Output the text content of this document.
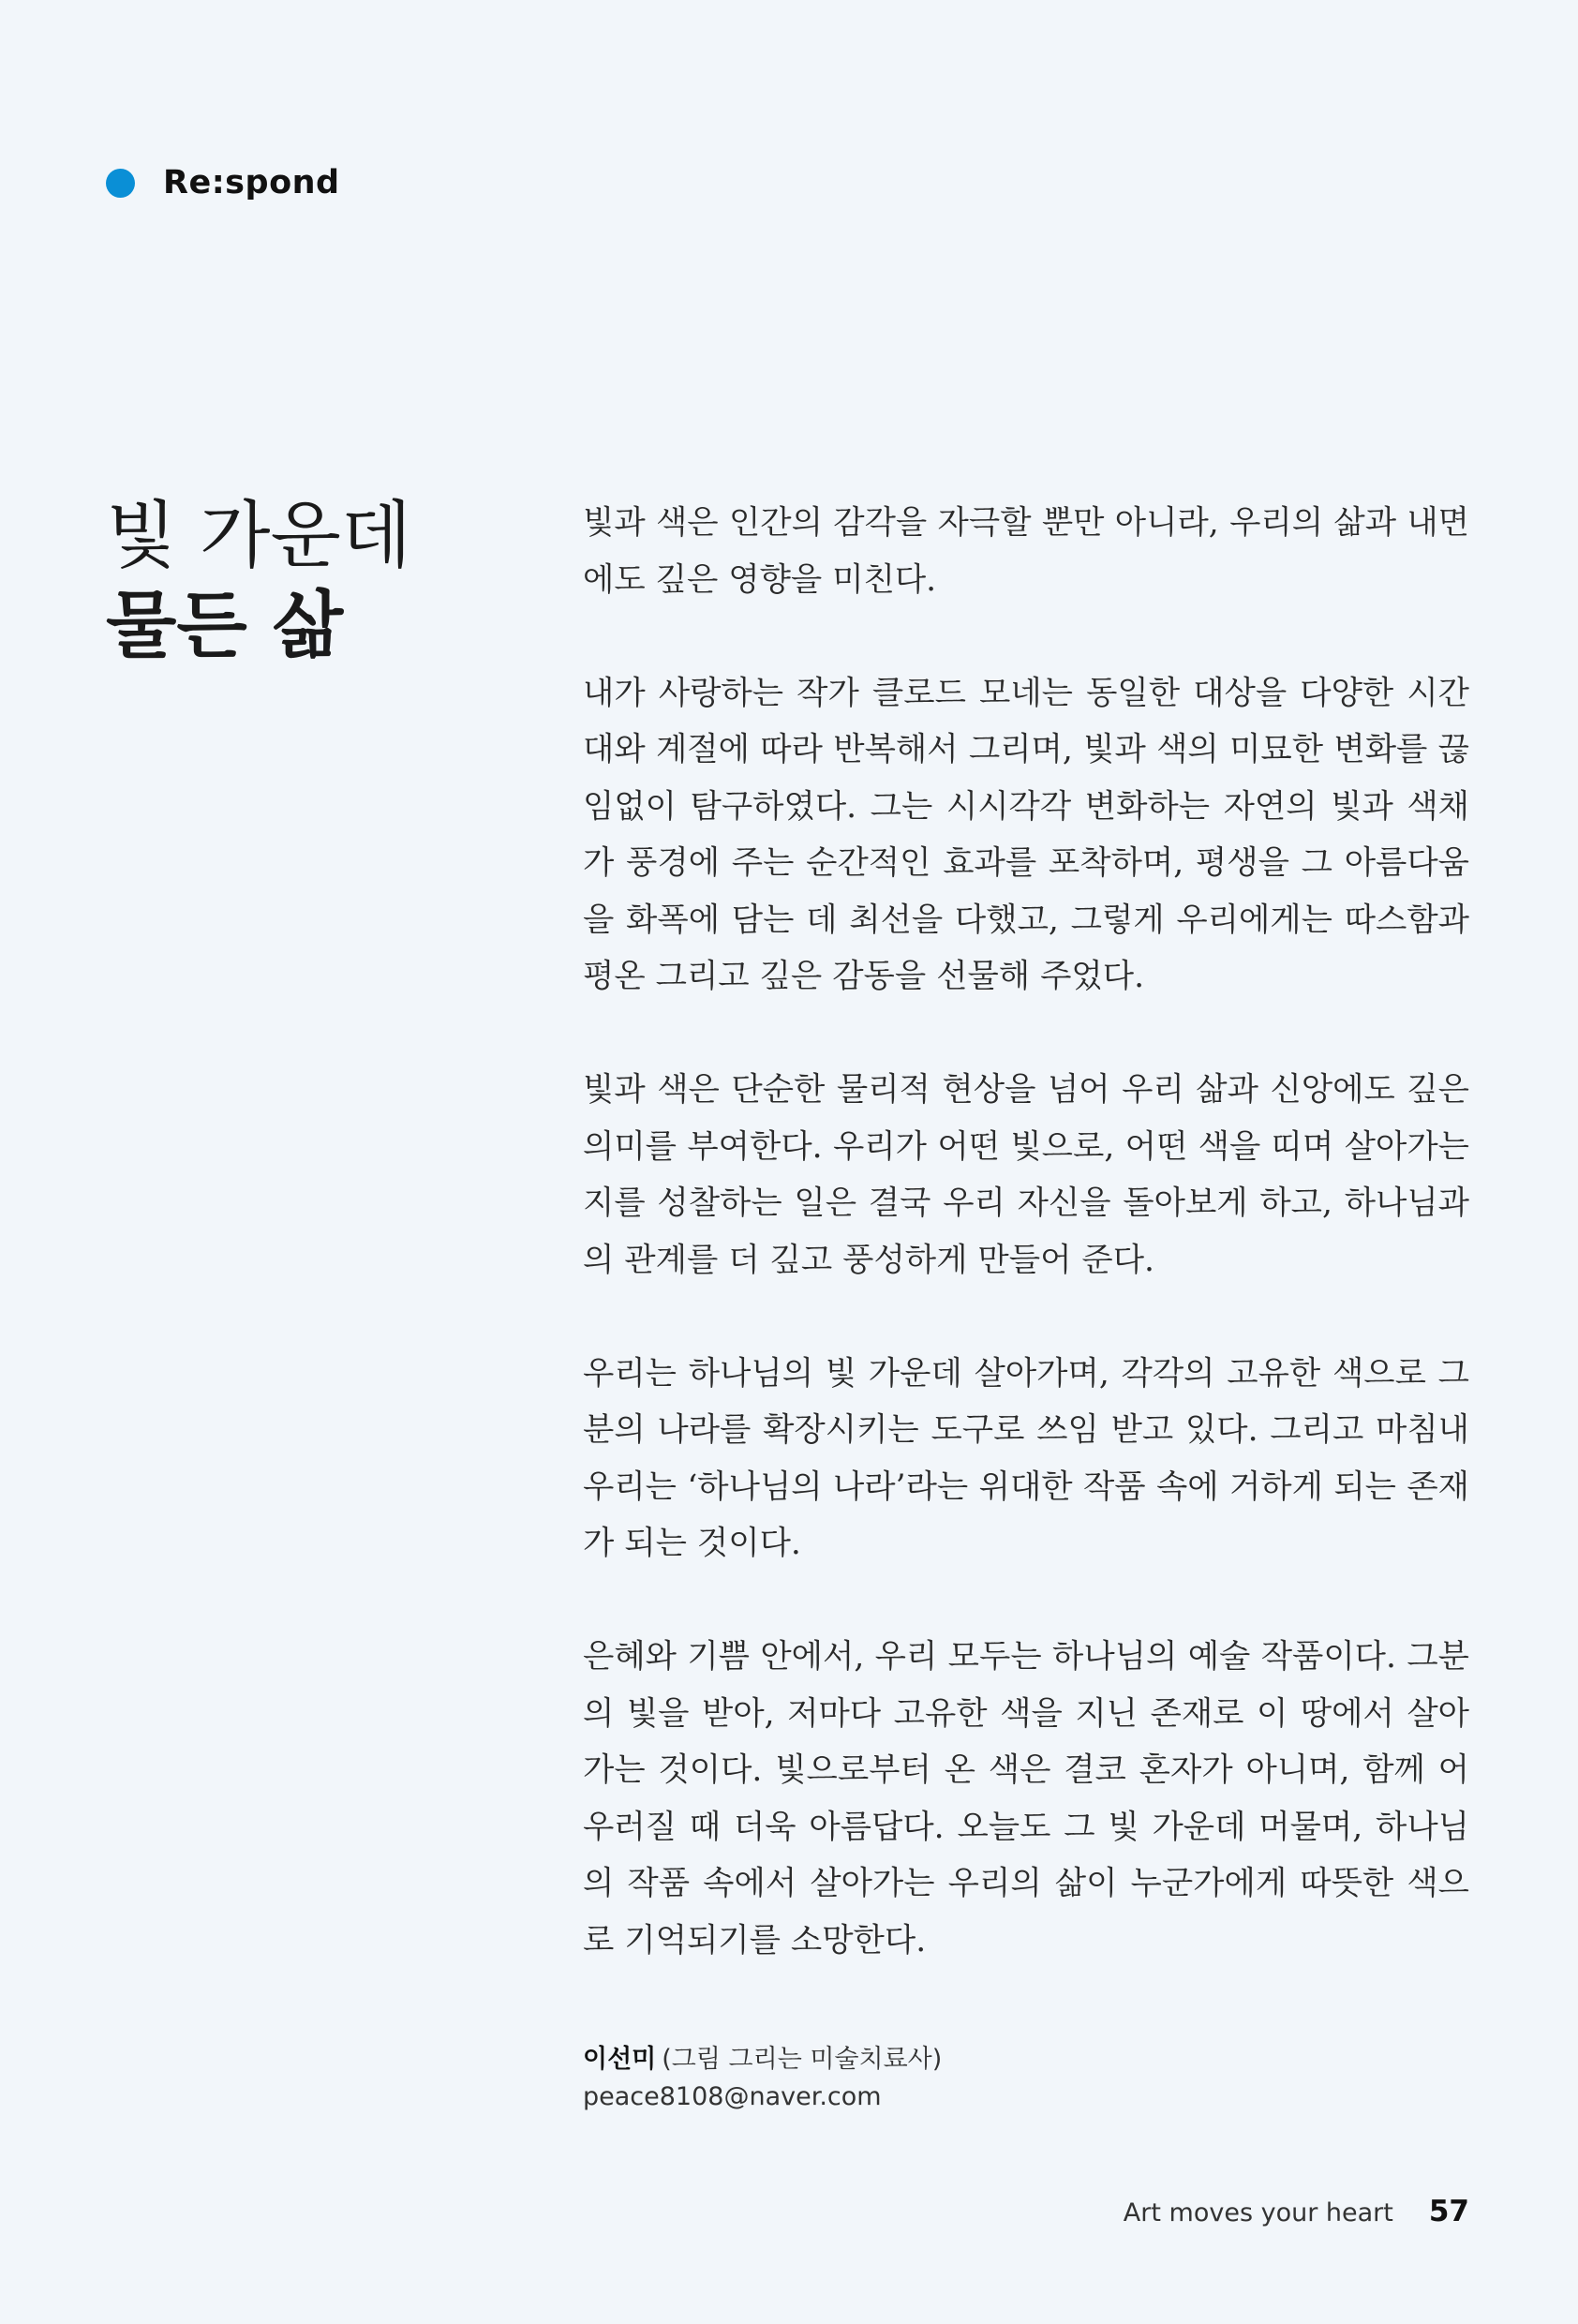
Re:spond
빛 가운데
물든 삶

빛과 색은 인간의 감각을 자극할 뿐만 아니라, 우리의 삶과 내면에도 깊은 영향을 미친다.

내가 사랑하는 작가 클로드 모네는 동일한 대상을 다양한 시간대와 계절에 따라 반복해서 그리며, 빛과 색의 미묘한 변화를 끊임없이 탐구하였다. 그는 시시각각 변화하는 자연의 빛과 색채가 풍경에 주는 순간적인 효과를 포착하며, 평생을 그 아름다움을 화폭에 담는 데 최선을 다했고, 그렇게 우리에게는 따스함과 평온 그리고 깊은 감동을 선물해 주었다.

빛과 색은 단순한 물리적 현상을 넘어 우리 삶과 신앙에도 깊은 의미를 부여한다. 우리가 어떤 빛으로, 어떤 색을 띠며 살아가는지를 성찰하는 일은 결국 우리 자신을 돌아보게 하고, 하나님과의 관계를 더 깊고 풍성하게 만들어 준다.

우리는 하나님의 빛 가운데 살아가며, 각각의 고유한 색으로 그분의 나라를 확장시키는 도구로 쓰임 받고 있다. 그리고 마침내 우리는 ‘하나님의 나라’라는 위대한 작품 속에 거하게 되는 존재가 되는 것이다.

은혜와 기쁨 안에서, 우리 모두는 하나님의 예술 작품이다. 그분의 빛을 받아, 저마다 고유한 색을 지닌 존재로 이 땅에서 살아가는 것이다. 빛으로부터 온 색은 결코 혼자가 아니며, 함께 어우러질 때 더욱 아름답다. 오늘도 그 빛 가운데 머물며, 하나님의 작품 속에서 살아가는 우리의 삶이 누군가에게 따뜻한 색으로 기억되기를 소망한다.

이선미 (그림 그리는 미술치료사)
peace8108@naver.com
Art moves your heart 57
